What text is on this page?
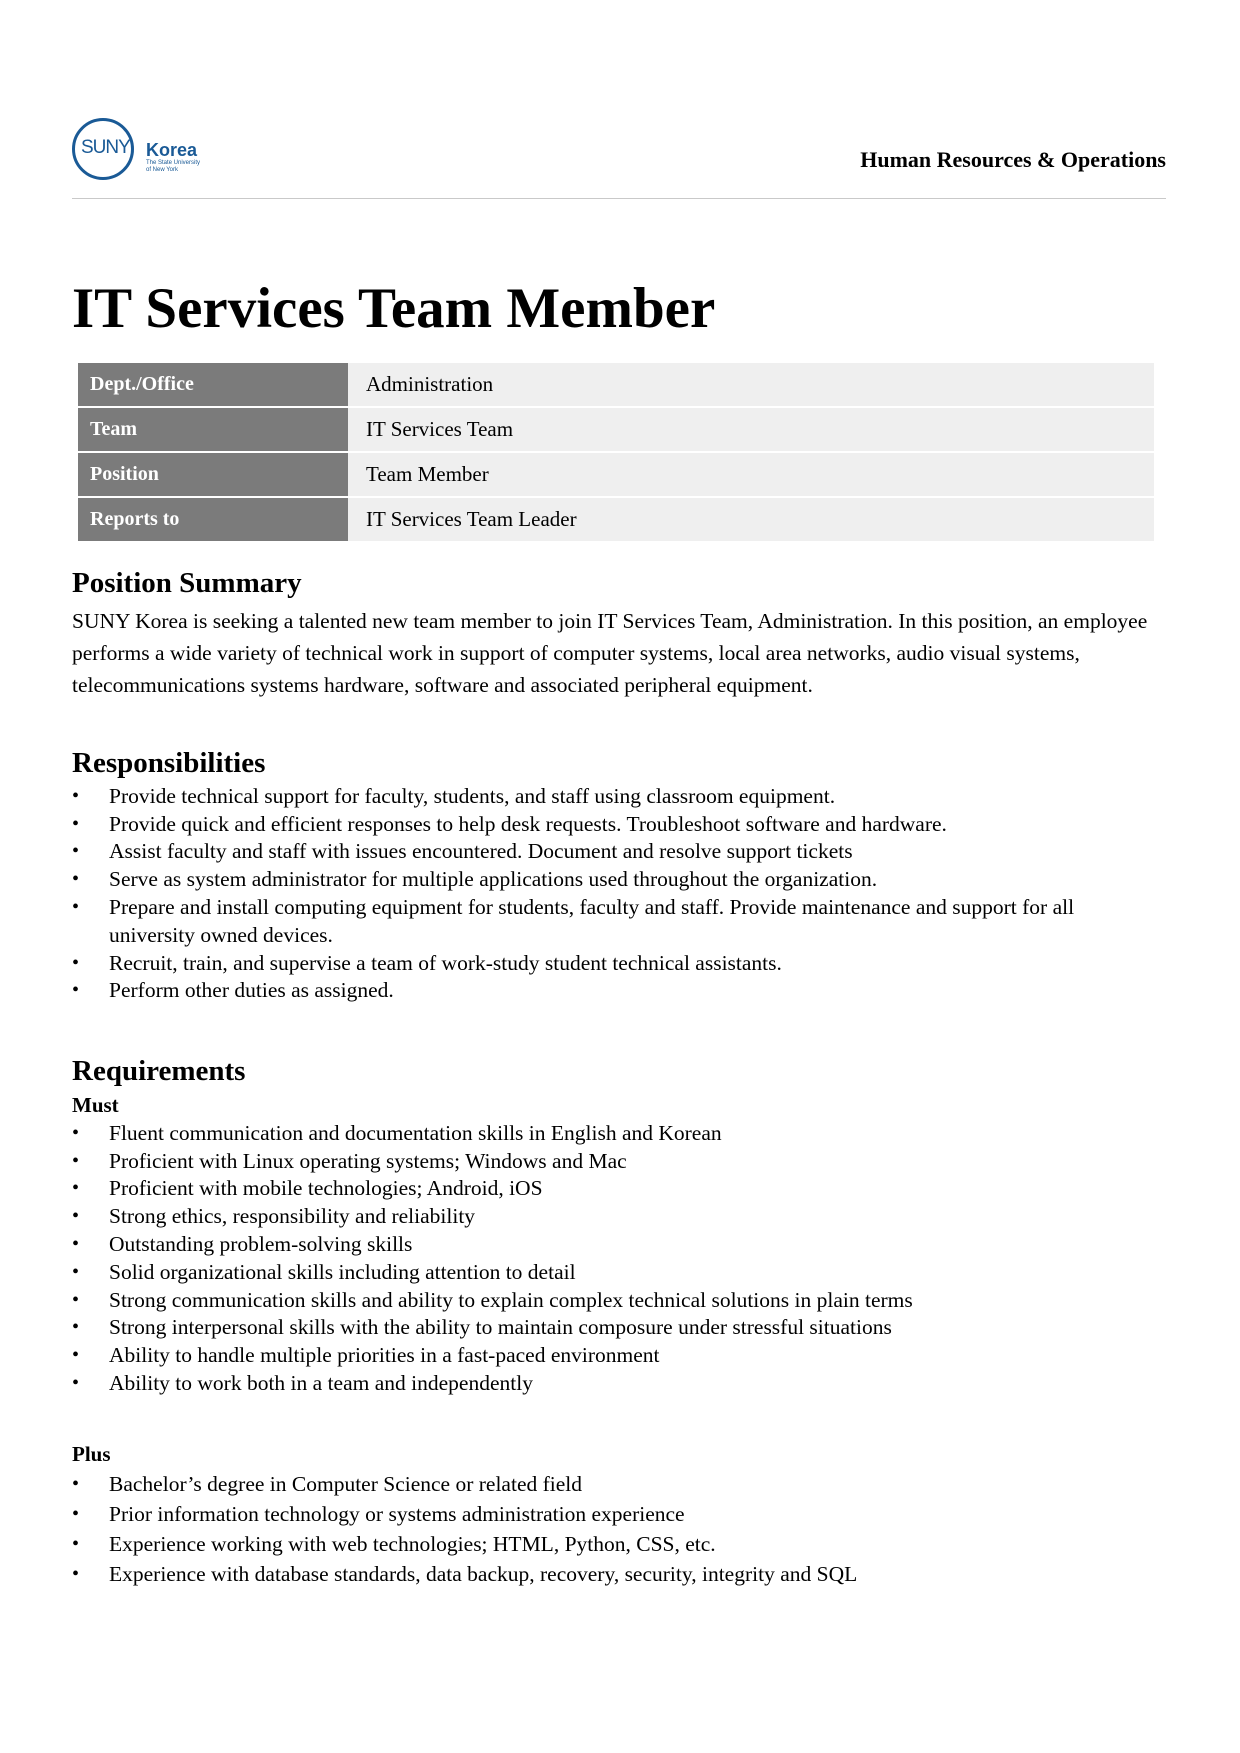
SUNY Korea
The State University
of New York	Human Resources & Operations
IT Services Team Member
Dept./Office	Administration
Team	IT Services Team
Position	Team Member
Reports to	IT Services Team Leader
Position Summary

SUNY Korea is seeking a talented new team member to join IT Services Team, Administration. In this position, an employee performs a wide variety of technical work in support of computer systems, local area networks, audio visual systems, telecommunications systems hardware, software and associated peripheral equipment.

Responsibilities
• Provide technical support for faculty, students, and staff using classroom equipment.
• Provide quick and efficient responses to help desk requests. Troubleshoot software and hardware.
• Assist faculty and staff with issues encountered. Document and resolve support tickets
• Serve as system administrator for multiple applications used throughout the organization.
• Prepare and install computing equipment for students, faculty and staff. Provide maintenance and support for all university owned devices.
• Recruit, train, and supervise a team of work-study student technical assistants.
• Perform other duties as assigned.
Requirements
Must
• Fluent communication and documentation skills in English and Korean
• Proficient with Linux operating systems; Windows and Mac
• Proficient with mobile technologies; Android, iOS
• Strong ethics, responsibility and reliability
• Outstanding problem-solving skills
• Solid organizational skills including attention to detail
• Strong communication skills and ability to explain complex technical solutions in plain terms
• Strong interpersonal skills with the ability to maintain composure under stressful situations
• Ability to handle multiple priorities in a fast-paced environment
• Ability to work both in a team and independently
Plus
• Bachelor’s degree in Computer Science or related field
• Prior information technology or systems administration experience
• Experience working with web technologies; HTML, Python, CSS, etc.
• Experience with database standards, data backup, recovery, security, integrity and SQL
